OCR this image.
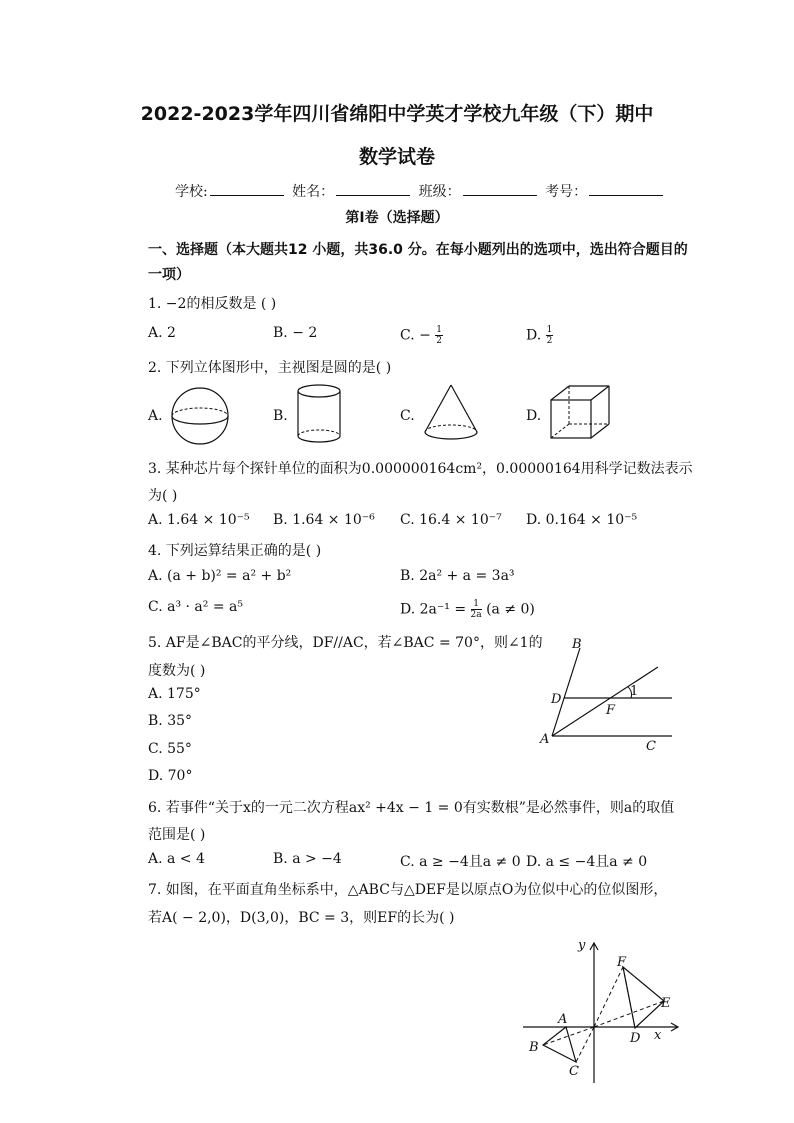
2022-2023学年四川省绵阳中学英才学校九年级（下）期中
数学试卷
学校:	姓名：	班级：	考号：
第I卷（选择题）
一、选择题（本大题共12 小题，共36.0 分。在每小题列出的选项中，选出符合题目的
一项）
1. −2的相反数是 ( )
A. 2	B. − 2	C. − $\frac{1}{2}$	D. $\frac{1}{2}$
2. 下列立体图形中，主视图是圆的是( )
A.	B.	C.	D.
3. 某种芯片每个探针单位的面积为0.000000164cm²，0.00000164用科学记数法表示
为( )
A. 1.64 × 10⁻⁵ B. 1.64 × 10⁻⁶ C. 16.4 × 10⁻⁷ D. 0.164 × 10⁻⁵
4. 下列运算结果正确的是( )
A. (a + b)² = a² + b²	B. 2a² + a = 3a³
C. a³ · a² = a⁵	D. $2a^{-1} = \frac{1}{2a} (a \ne 0)$
5. AF是∠BAC的平分线，DF//AC，若∠BAC = 70°，则∠1的
度数为( )
A. 175°
B. 35°
C. 55°
D. 70°
B
D
1
F
A	C
6. 若事件“关于x的一元二次方程ax² +4x − 1 = 0有实数根”是必然事件，则a的取值
范围是( )
A. a < 4	B. a > −4	C. a ≥ −4且a ≠ 0 D. a ≤ −4且a ≠ 0
7. 如图，在平面直角坐标系中，△ABC与△DEF是以原点O为位似中心的位似图形，
若A( − 2,0)，D(3,0)，BC = 3，则EF的长为( )
y
F
E
A
B
D x
C
